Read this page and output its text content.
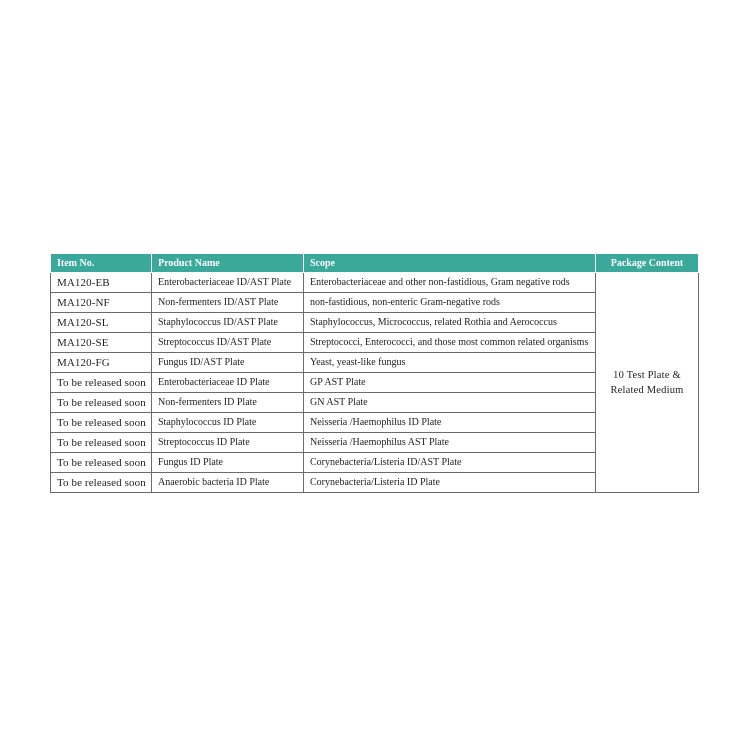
Item No.	Product Name	Scope	Package Content
MA120-EB	Enterobacteriaceae ID/AST Plate	Enterobacteriaceae and other non-fastidious, Gram negative rods	10 Test Plate &
Related Medium

MA120-NF	Non-fermenters ID/AST Plate	non-fastidious, non-enteric Gram-negative rods	
MA120-SL	Staphylococcus ID/AST Plate	Staphylococcus, Micrococcus, related Rothia and Aerococcus	
MA120-SE	Streptococcus ID/AST Plate	Streptococci, Enterococci, and those most common related organisms	
MA120-FG	Fungus ID/AST Plate	Yeast, yeast-like fungus	
To be released soon	Enterobacteriaceae ID Plate	GP AST Plate	
To be released soon	Non-fermenters ID Plate	GN AST Plate	
To be released soon	Staphylococcus ID Plate	Neisseria /Haemophilus ID Plate	
To be released soon	Streptococcus ID Plate	Neisseria /Haemophilus AST Plate	
To be released soon	Fungus ID Plate	Corynebacteria/Listeria ID/AST Plate	
To be released soon	Anaerobic bacteria ID Plate	Corynebacteria/Listeria ID Plate	
